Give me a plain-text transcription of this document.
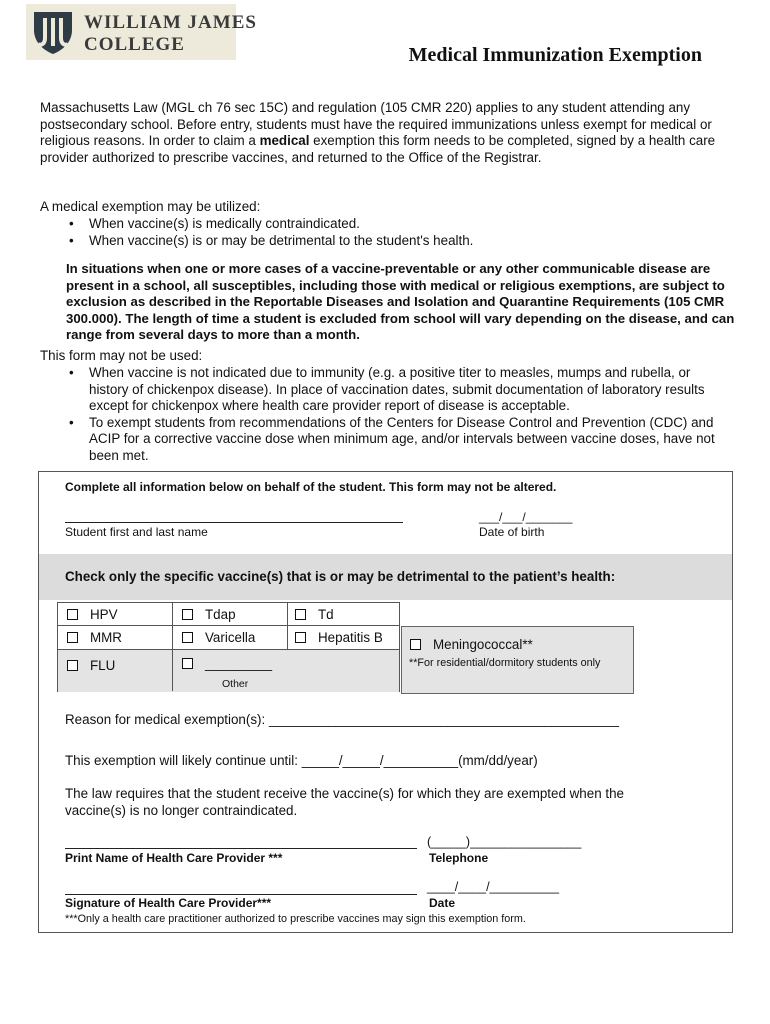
WILLIAM JAMES
COLLEGE	Medical Immunization Exemption
Massachusetts Law (MGL ch 76 sec 15C) and regulation (105 CMR 220) applies to any student attending any postsecondary school. Before entry, students must have the required immunizations unless exempt for medical or religious reasons. In order to claim a medical exemption this form needs to be completed, signed by a health care provider authorized to prescribe vaccines, and returned to the Office of the Registrar.
A medical exemption may be utilized:
• When vaccine(s) is medically contraindicated.
• When vaccine(s) is or may be detrimental to the student's health.
In situations when one or more cases of a vaccine-preventable or any other communicable disease are present in a school, all susceptibles, including those with medical or religious exemptions, are subject to exclusion as described in the Reportable Diseases and Isolation and Quarantine Requirements (105 CMR 300.000). The length of time a student is excluded from school will vary depending on the disease, and can range from several days to more than a month.
This form may not be used:
• When vaccine is not indicated due to immunity (e.g. a positive titer to measles, mumps and rubella, or history of chickenpox disease). In place of vaccination dates, submit documentation of laboratory results except for chickenpox where health care provider report of disease is acceptable.
• To exempt students from recommendations of the Centers for Disease Control and Prevention (CDC) and ACIP for a corrective vaccine dose when minimum age, and/or intervals between vaccine doses, have not been met.
Complete all information below on behalf of the student. This form may not be altered.
___/___/_______
Student first and last name	Date of birth
Check only the specific vaccine(s) that is or may be detrimental to the patient’s health:
HPV	Tdap	Td
MMR	Varicella	Hepatitis B
FLU	_________
Other
Meningococcal**
**For residential/dormitory students only
Reason for medical exemption(s): _______________________________________________
This exemption will likely continue until: _____/_____/__________(mm/dd/year)
The law requires that the student receive the vaccine(s) for which they are exempted when the vaccine(s) is no longer contraindicated.
(_____)________________
Print Name of Health Care Provider ***	Telephone
____/____/__________
Signature of Health Care Provider***	Date
***Only a health care practitioner authorized to prescribe vaccines may sign this exemption form.
